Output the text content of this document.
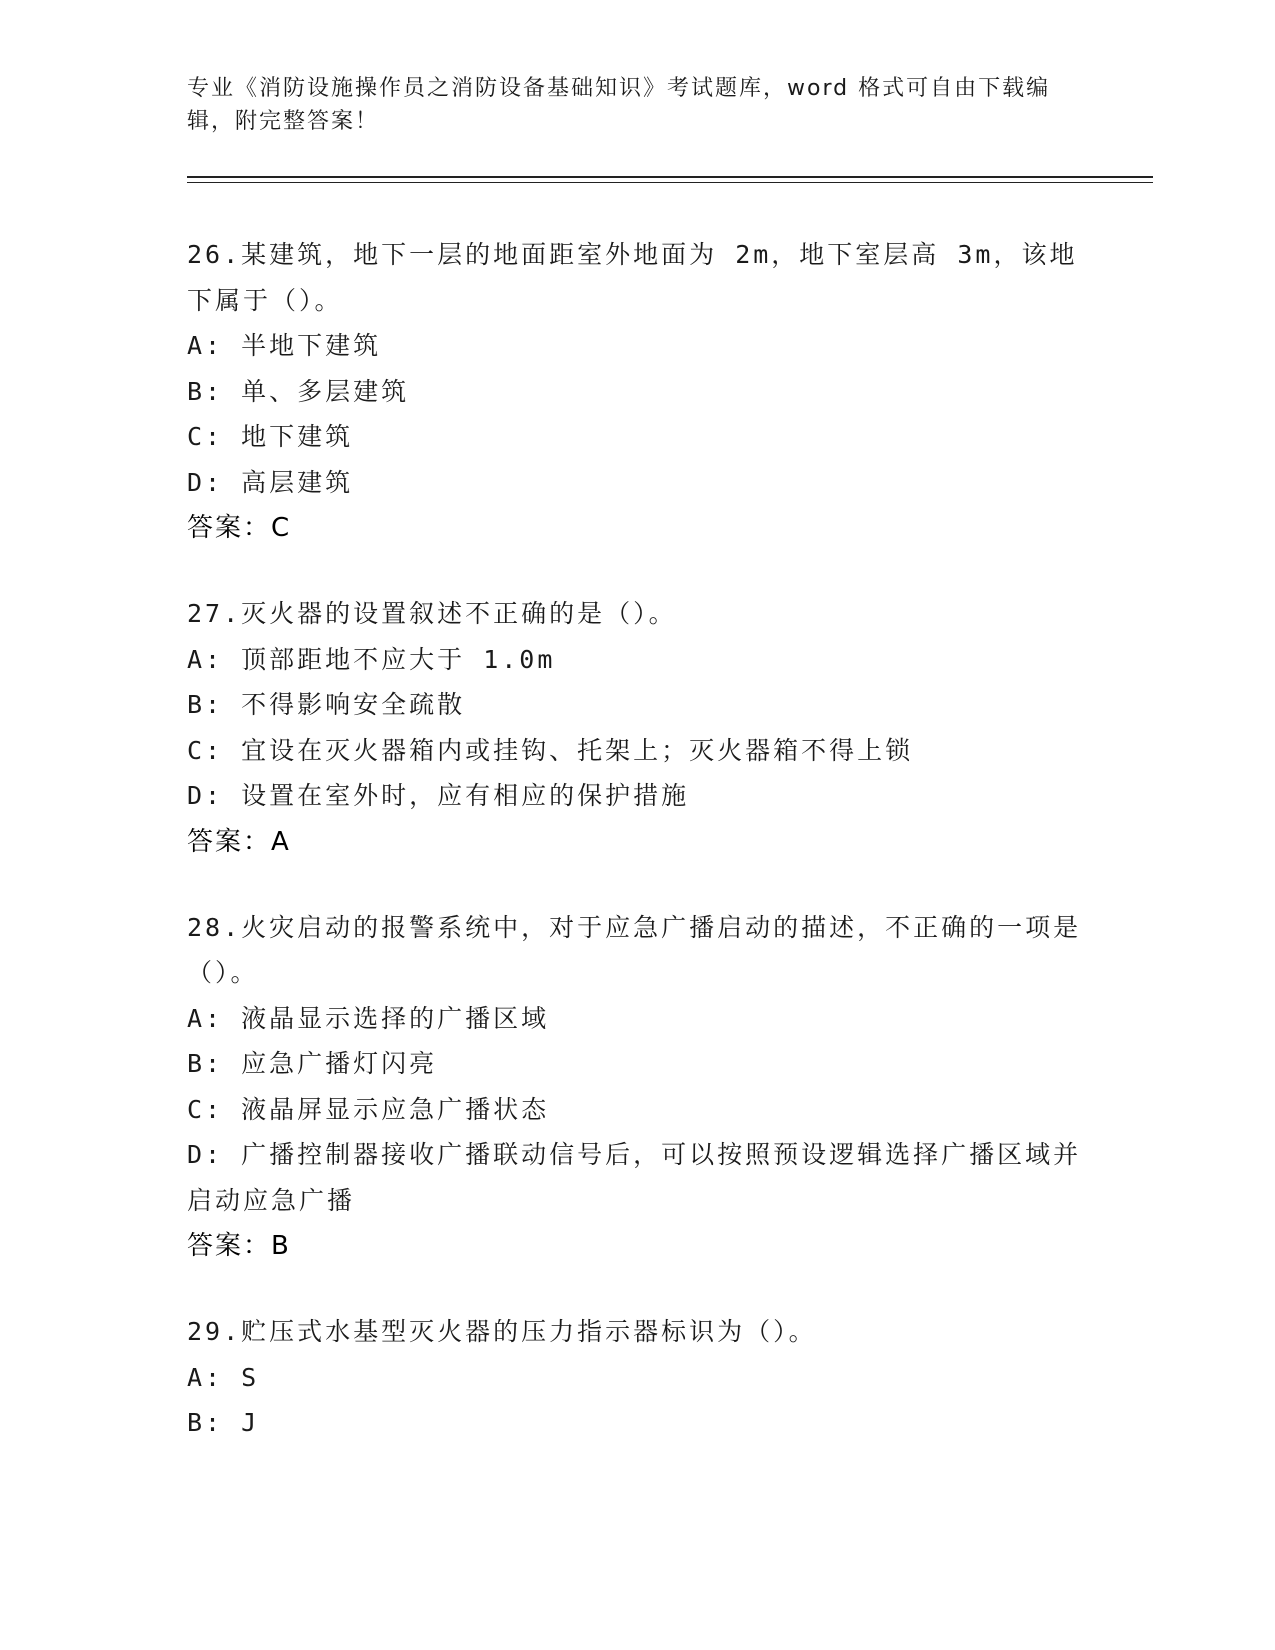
专业《消防设施操作员之消防设备基础知识》考试题库，word 格式可自由下载编辑，附完整答案！
26.某建筑，地下一层的地面距室外地面为 2m，地下室层高 3m，该地下属于（）。
A: 半地下建筑
B: 单、多层建筑
C: 地下建筑
D: 高层建筑
答案：C
27.灭火器的设置叙述不正确的是（）。
A: 顶部距地不应大于 1.0m
B: 不得影响安全疏散
C: 宜设在灭火器箱内或挂钩、托架上；灭火器箱不得上锁
D: 设置在室外时，应有相应的保护措施
答案：A
28.火灾启动的报警系统中，对于应急广播启动的描述，不正确的一项是（）。
A: 液晶显示选择的广播区域
B: 应急广播灯闪亮
C: 液晶屏显示应急广播状态
D: 广播控制器接收广播联动信号后，可以按照预设逻辑选择广播区域并启动应急广播
答案：B
29.贮压式水基型灭火器的压力指示器标识为（）。
A: S
B: J
